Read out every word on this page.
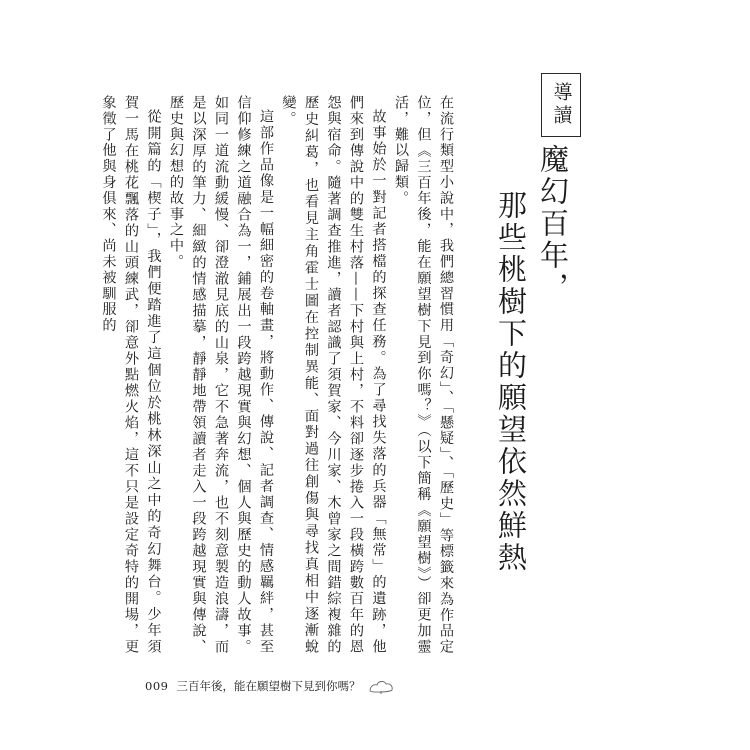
導讀
魔幻百年，
那些桃樹下的願望依然鮮熱

在流行類型小說中，我們總習慣用「奇幻」、「懸疑」、「歷史」等標籤來為作品定位，但《三百年後，能在願望樹下見到你嗎？》（以下簡稱《願望樹》）卻更加靈活，難以歸類。

故事始於一對記者搭檔的探查任務。為了尋找失落的兵器「無常」的遺跡，他們來到傳說中的雙生村落——下村與上村，不料卻逐步捲入一段橫跨數百年的恩怨與宿命。隨著調查推進，讀者認識了須賀家、今川家、木曾家之間錯綜複雜的歷史糾葛，也看見主角霍士圖在控制異能、面對過往創傷與尋找真相中逐漸蛻變。

這部作品像是一幅細密的卷軸畫，將動作、傳說、記者調查、情感羈絆，甚至信仰修練之道融合為一，鋪展出一段跨越現實與幻想、個人與歷史的動人故事。如同一道流動緩慢、卻澄澈見底的山泉，它不急著奔流，也不刻意製造浪濤，而是以深厚的筆力、細緻的情感描摹，靜靜地帶領讀者走入一段跨越現實與傳說、歷史與幻想的故事之中。

從開篇的「楔子」，我們便踏進了這個位於桃林深山之中的奇幻舞台。少年須賀一馬在桃花飄落的山頭練武，卻意外點燃火焰，這不只是設定奇特的開場，更象徵了他與身俱來、尚未被馴服的

009 三百年後，能在願望樹下見到你嗎？
